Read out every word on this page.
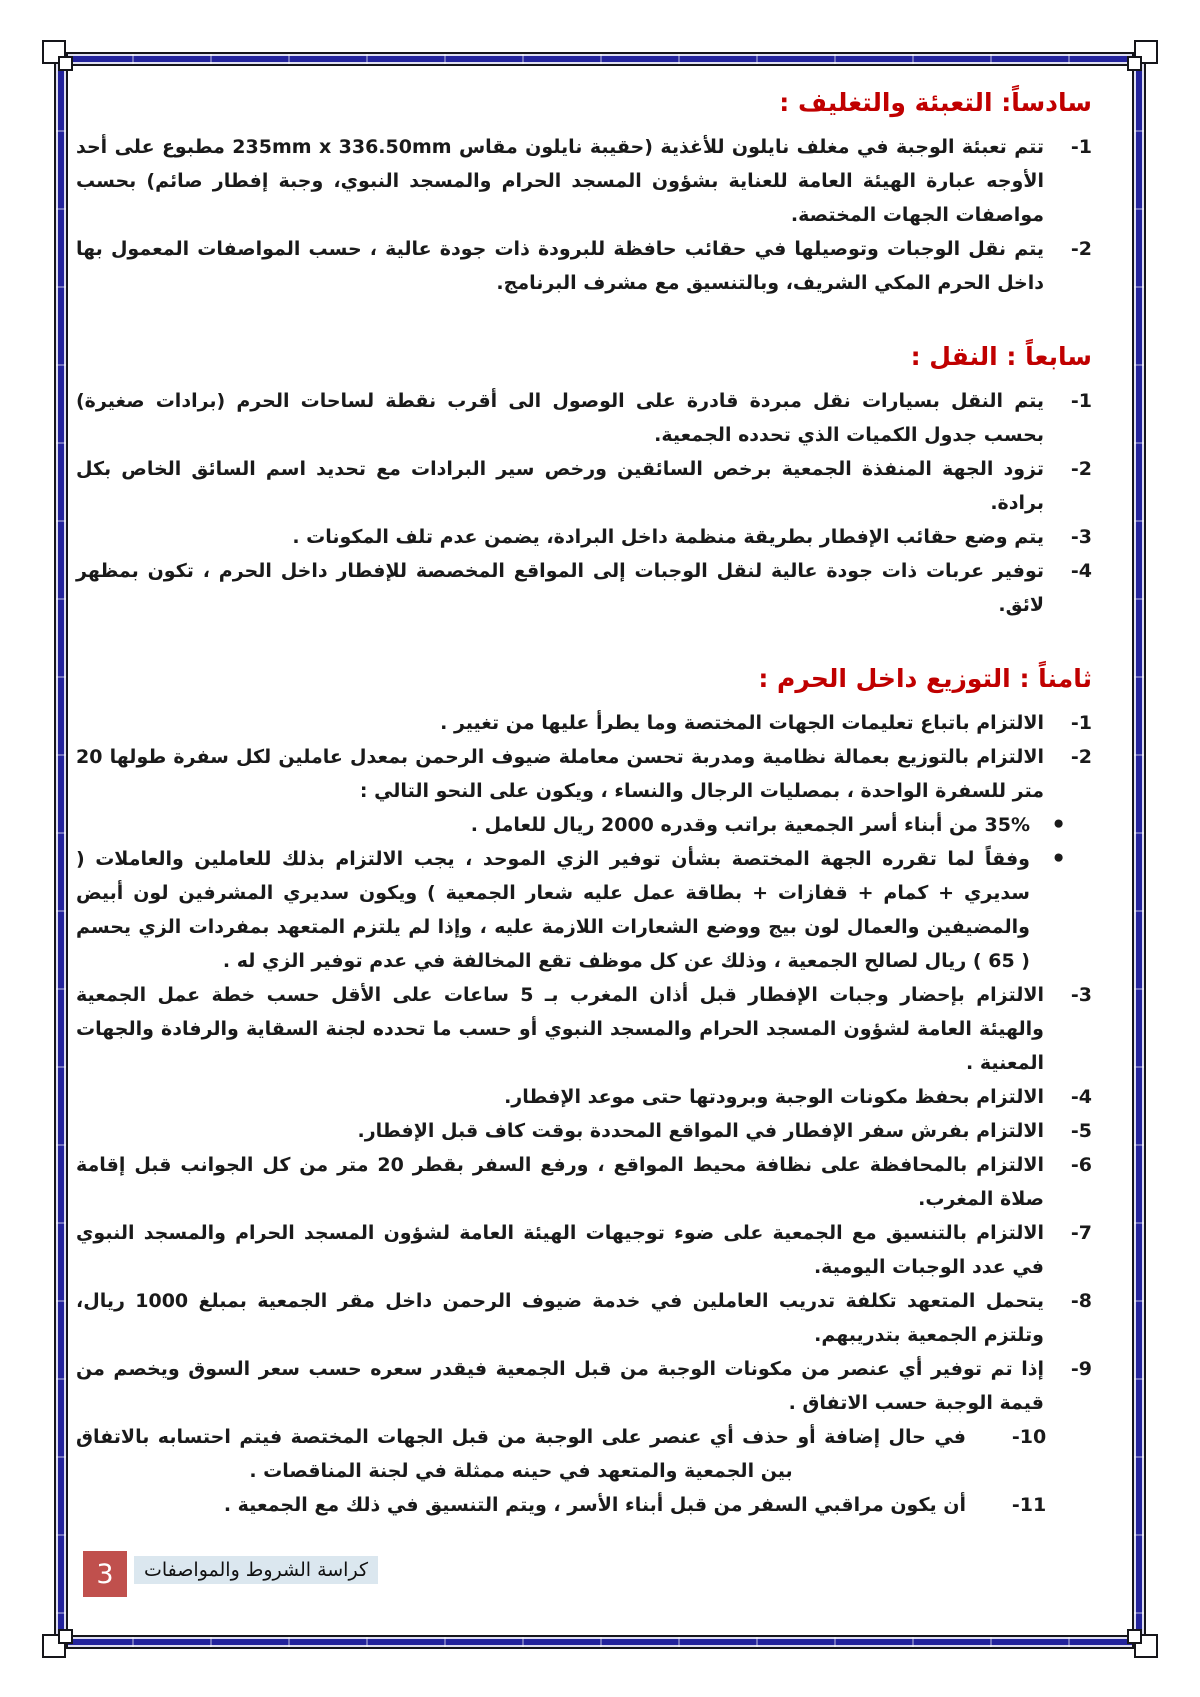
سادساً: التعبئة والتغليف :
1-
تتم تعبئة الوجبة في مغلف نايلون للأغذية (حقيبة نايلون مقاس 235mm x 336.50mm مطبوع على أحد الأوجه عبارة الهيئة العامة للعناية بشؤون المسجد الحرام والمسجد النبوي، وجبة إفطار صائم) بحسب مواصفات الجهات المختصة.
2-
يتم نقل الوجبات وتوصيلها في حقائب حافظة للبرودة ذات جودة عالية ، حسب المواصفات المعمول بها داخل الحرم المكي الشريف، وبالتنسيق مع مشرف البرنامج.
سابعاً : النقل :
1-
يتم النقل بسيارات نقل مبردة قادرة على الوصول الى أقرب نقطة لساحات الحرم (برادات صغيرة) بحسب جدول الكميات الذي تحدده الجمعية.
2-
تزود الجهة المنفذة الجمعية برخص السائقين ورخص سير البرادات مع تحديد اسم السائق الخاص بكل برادة.
3-
يتم وضع حقائب الإفطار بطريقة منظمة داخل البرادة، يضمن عدم تلف المكونات .
4-
توفير عربات ذات جودة عالية لنقل الوجبات إلى المواقع المخصصة للإفطار داخل الحرم ، تكون بمظهر لائق.
ثامناً : التوزيع داخل الحرم :
1-
الالتزام باتباع تعليمات الجهات المختصة وما يطرأ عليها من تغيير .
2-
الالتزام بالتوزيع بعمالة نظامية ومدربة تحسن معاملة ضيوف الرحمن بمعدل عاملين لكل سفرة طولها 20 متر للسفرة الواحدة ، بمصليات الرجال والنساء ، ويكون على النحو التالي :
•
35% من أبناء أسر الجمعية براتب وقدره 2000 ريال للعامل .
•
وفقاً لما تقرره الجهة المختصة بشأن توفير الزي الموحد ، يجب الالتزام بذلك للعاملين والعاملات ( سديري + كمام + قفازات + بطاقة عمل عليه شعار الجمعية ) ويكون سديري المشرفين لون أبيض والمضيفين والعمال لون بيج ووضع الشعارات اللازمة عليه ، وإذا لم يلتزم المتعهد بمفردات الزي يحسم ( 65 ) ريال لصالح الجمعية ، وذلك عن كل موظف تقع المخالفة في عدم توفير الزي له .
3-
الالتزام بإحضار وجبات الإفطار قبل أذان المغرب بـ 5 ساعات على الأقل حسب خطة عمل الجمعية والهيئة العامة لشؤون المسجد الحرام والمسجد النبوي أو حسب ما تحدده لجنة السقاية والرفادة والجهات المعنية .
4-
الالتزام بحفظ مكونات الوجبة وبرودتها حتى موعد الإفطار.
5-
الالتزام بفرش سفر الإفطار في المواقع المحددة بوقت كاف قبل الإفطار.
6-
الالتزام بالمحافظة على نظافة محيط المواقع ، ورفع السفر بقطر 20 متر من كل الجوانب قبل إقامة صلاة المغرب.
7-
الالتزام بالتنسيق مع الجمعية على ضوء توجيهات الهيئة العامة لشؤون المسجد الحرام والمسجد النبوي في عدد الوجبات اليومية.
8-
يتحمل المتعهد تكلفة تدريب العاملين في خدمة ضيوف الرحمن داخل مقر الجمعية بمبلغ 1000 ريال، وتلتزم الجمعية بتدريبهم.
9-
إذا تم توفير أي عنصر من مكونات الوجبة من قبل الجمعية فيقدر سعره حسب سعر السوق ويخصم من قيمة الوجبة حسب الاتفاق .
10-
في حال إضافة أو حذف أي عنصر على الوجبة من قبل الجهات المختصة فيتم احتسابه بالاتفاق بين الجمعية والمتعهد في حينه ممثلة في لجنة المناقصات .
11-
أن يكون مراقبي السفر من قبل أبناء الأسر ، ويتم التنسيق في ذلك مع الجمعية .
3	كراسة الشروط والمواصفات
